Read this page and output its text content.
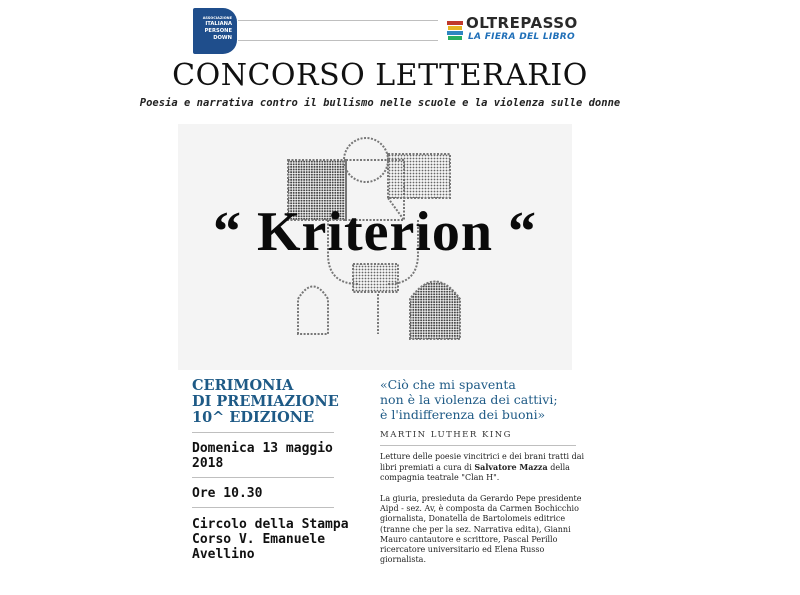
ASSOCIAZIONE
ITALIANA
PERSONE
DOWN
OLTREPASSO
LA FIERA DEL LIBRO
CONCORSO LETTERARIO
Poesia e narrativa contro il bullismo nelle scuole e la violenza sulle donne
“ Kriterion “
CERIMONIA
DI PREMIAZIONE
10^ EDIZIONE
Domenica 13 maggio
2018
Ore 10.30
Circolo della Stampa
Corso V. Emanuele
Avellino
«Ciò che mi spaventa
non è la violenza dei cattivi;
è l'indifferenza dei buoni»
MARTIN LUTHER KING
Letture delle poesie vincitrici e dei brani tratti dai
libri premiati a cura di Salvatore Mazza della
compagnia teatrale "Clan H".
La giuria, presieduta da Gerardo Pepe presidente
Aipd - sez. Av, è composta da Carmen Bochicchio
giornalista, Donatella de Bartolomeis editrice
(tranne che per la sez. Narrativa edita), Gianni
Mauro cantautore e scrittore, Pascal Perillo
ricercatore universitario ed Elena Russo
giornalista.
